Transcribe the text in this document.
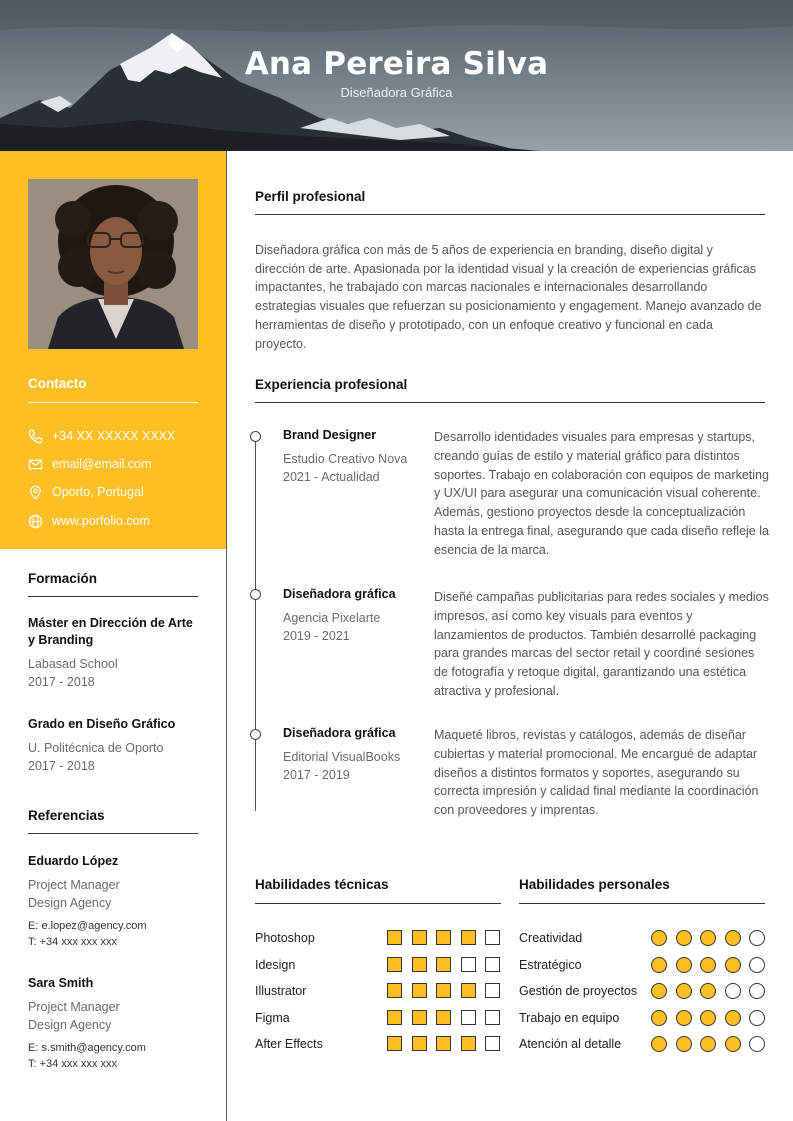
Ana Pereira Silva
Diseñadora Gráfica
Contacto
+34 XX XXXXX XXXX
email@email.com
Oporto, Portugal
www.porfolio.com
Formación
Máster en Dirección de Arte y Branding
Labasad School
2017 - 2018
Grado en Diseño Gráfico
U. Politécnica de Oporto
2017 - 2018
Referencias
Eduardo López
Project Manager
Design Agency
E: e.lopez@agency.com
T: +34 xxx xxx xxx
Sara Smith
Project Manager
Design Agency
E: s.smith@agency.com
T: +34 xxx xxx xxx
Perfil profesional
Diseñadora gráfica con más de 5 años de experiencia en branding, diseño digital y dirección de arte. Apasionada por la identidad visual y la creación de experiencias gráficas impactantes, he trabajado con marcas nacionales e internacionales desarrollando estrategias visuales que refuerzan su posicionamiento y engagement. Manejo avanzado de herramientas de diseño y prototipado, con un enfoque creativo y funcional en cada proyecto.
Experiencia profesional
Brand Designer
Estudio Creativo Nova
2021 - Actualidad
Desarrollo identidades visuales para empresas y startups, creando guías de estilo y material gráfico para distintos soportes. Trabajo en colaboración con equipos de marketing y UX/UI para asegurar una comunicación visual coherente. Además, gestiono proyectos desde la conceptualización hasta la entrega final, asegurando que cada diseño refleje la esencia de la marca.
Diseñadora gráfica
Agencia Pixelarte
2019 - 2021
Diseñé campañas publicitarias para redes sociales y medios impresos, así como key visuals para eventos y lanzamientos de productos. También desarrollé packaging para grandes marcas del sector retail y coordiné sesiones de fotografía y retoque digital, garantizando una estética atractiva y profesional.
Diseñadora gráfica
Editorial VisualBooks
2017 - 2019
Maqueté libros, revistas y catálogos, además de diseñar cubiertas y material promocional. Me encargué de adaptar diseños a distintos formatos y soportes, asegurando su correcta impresión y calidad final mediante la coordinación con proveedores y imprentas.
Habilidades técnicas
Photoshop
Idesign
Illustrator
Figma
After Effects
Habilidades personales
Creatividad
Estratégico
Gestión de proyectos
Trabajo en equipo
Atención al detalle
